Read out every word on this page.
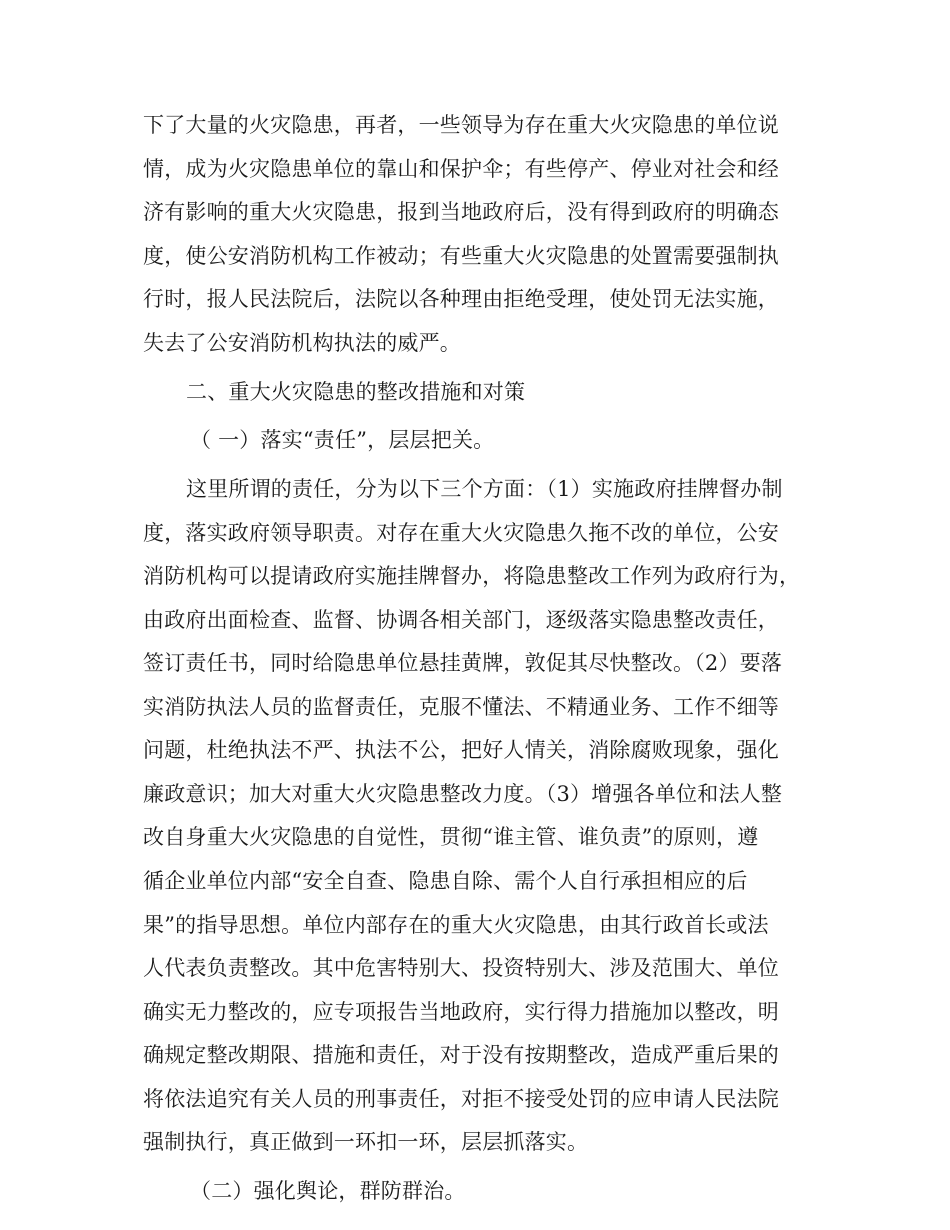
下了大量的火灾隐患，再者，一些领导为存在重大火灾隐患的单位说
情，成为火灾隐患单位的靠山和保护伞；有些停产、停业对社会和经
济有影响的重大火灾隐患，报到当地政府后，没有得到政府的明确态
度，使公安消防机构工作被动；有些重大火灾隐患的处置需要强制执
行时，报人民法院后，法院以各种理由拒绝受理，使处罚无法实施，
失去了公安消防机构执法的威严。
二、重大火灾隐患的整改措施和对策
（ 一）落实“责任”，层层把关。
这里所谓的责任，分为以下三个方面：（1）实施政府挂牌督办制
度，落实政府领导职责。对存在重大火灾隐患久拖不改的单位，公安
消防机构可以提请政府实施挂牌督办，将隐患整改工作列为政府行为，
由政府出面检查、监督、协调各相关部门，逐级落实隐患整改责任，
签订责任书，同时给隐患单位悬挂黄牌，敦促其尽快整改。（2）要落
实消防执法人员的监督责任，克服不懂法、不精通业务、工作不细等
问题，杜绝执法不严、执法不公，把好人情关，消除腐败现象，强化
廉政意识；加大对重大火灾隐患整改力度。（3）增强各单位和法人整
改自身重大火灾隐患的自觉性，贯彻“谁主管、谁负责”的原则，遵
循企业单位内部“安全自查、隐患自除、需个人自行承担相应的后
果”的指导思想。单位内部存在的重大火灾隐患，由其行政首长或法
人代表负责整改。其中危害特别大、投资特别大、涉及范围大、单位
确实无力整改的，应专项报告当地政府，实行得力措施加以整改，明
确规定整改期限、措施和责任，对于没有按期整改，造成严重后果的
将依法追究有关人员的刑事责任，对拒不接受处罚的应申请人民法院
强制执行，真正做到一环扣一环，层层抓落实。
（二）强化舆论，群防群治。
